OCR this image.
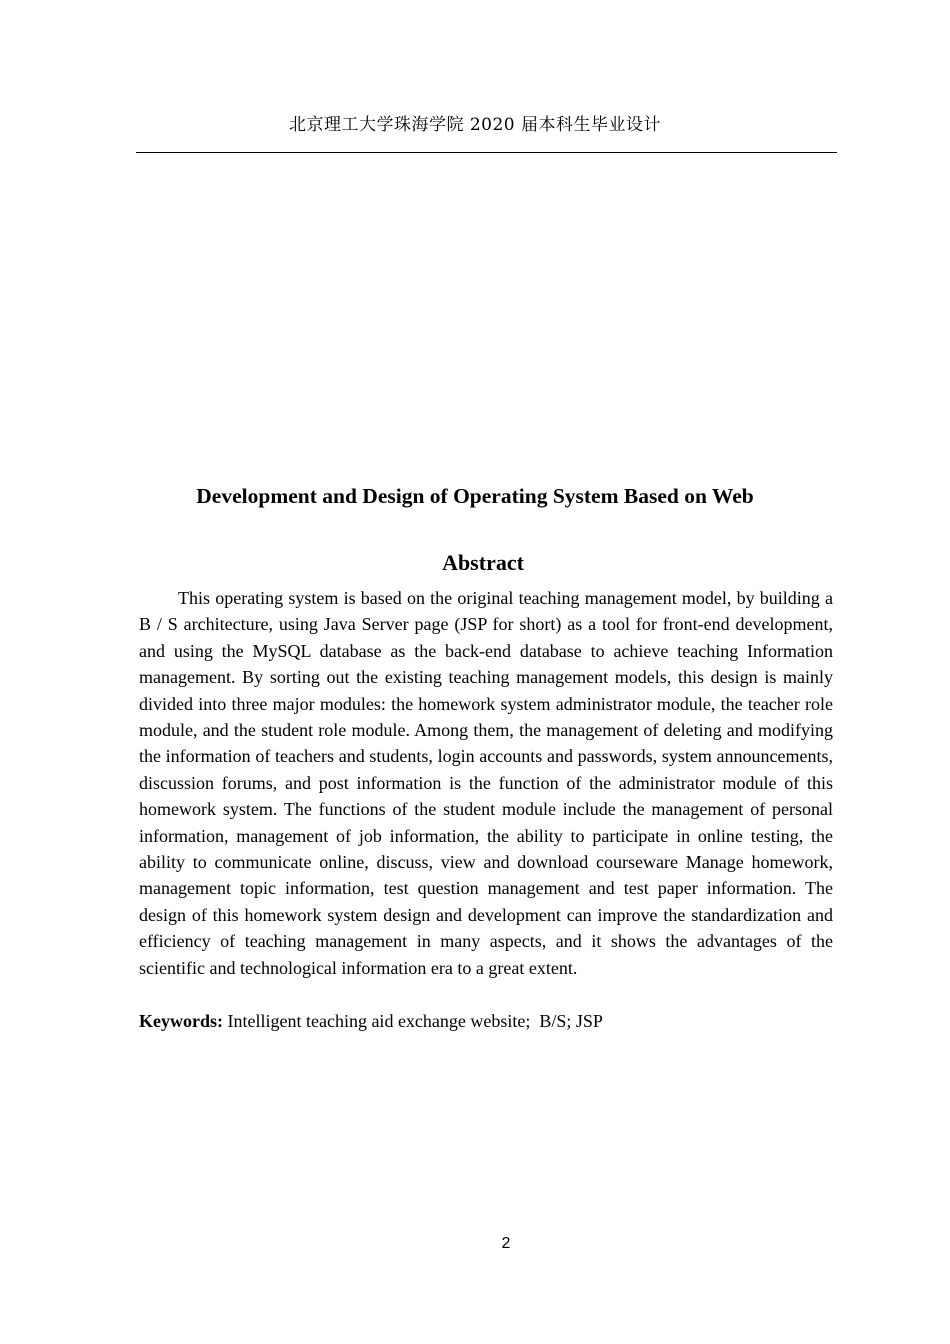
北京理工大学珠海学院 2020 届本科生毕业设计
Development and Design of Operating System Based on Web
Abstract

This operating system is based on the original teaching management model, by building a B / S architecture, using Java Server page (JSP for short) as a tool for front-end development, and using the MySQL database as the back-end database to achieve teaching Information management. By sorting out the existing teaching management models, this design is mainly divided into three major modules: the homework system administrator module, the teacher role module, and the student role module. Among them, the management of deleting and modifying the information of teachers and students, login accounts and passwords, system announcements, discussion forums, and post information is the function of the administrator module of this homework system. The functions of the student module include the management of personal information, management of job information, the ability to participate in online testing, the ability to communicate online, discuss, view and download courseware Manage homework, management topic information, test question management and test paper information. The design of this homework system design and development can improve the standardization and efficiency of teaching management in many aspects, and it shows the advantages of the scientific and technological information era to a great extent.

Keywords: Intelligent teaching aid exchange website;  B/S; JSP

2
